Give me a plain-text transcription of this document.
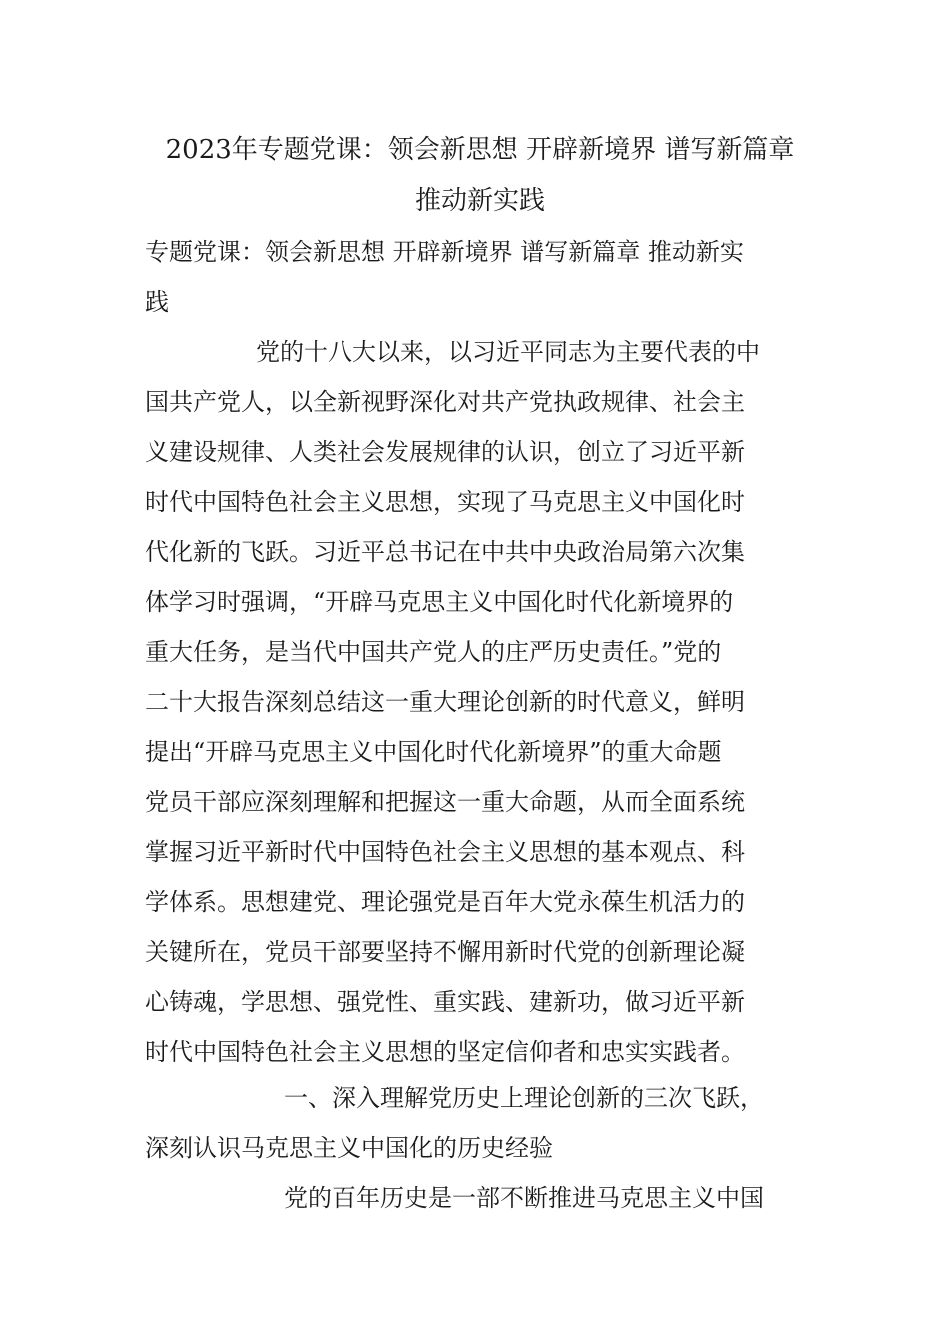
2023年专题党课：领会新思想 开辟新境界 谱写新篇章
推动新实践
专题党课：领会新思想 开辟新境界 谱写新篇章 推动新实
践
党的十八大以来，以习近平同志为主要代表的中
国共产党人，以全新视野深化对共产党执政规律、社会主
义建设规律、人类社会发展规律的认识，创立了习近平新
时代中国特色社会主义思想，实现了马克思主义中国化时
代化新的飞跃。习近平总书记在中共中央政治局第六次集
体学习时强调，“开辟马克思主义中国化时代化新境界的
重大任务，是当代中国共产党人的庄严历史责任。”党的
二十大报告深刻总结这一重大理论创新的时代意义，鲜明
提出“开辟马克思主义中国化时代化新境界”的重大命题
党员干部应深刻理解和把握这一重大命题，从而全面系统
掌握习近平新时代中国特色社会主义思想的基本观点、科
学体系。思想建党、理论强党是百年大党永葆生机活力的
关键所在，党员干部要坚持不懈用新时代党的创新理论凝
心铸魂，学思想、强党性、重实践、建新功，做习近平新
时代中国特色社会主义思想的坚定信仰者和忠实实践者。
一、深入理解党历史上理论创新的三次飞跃，
深刻认识马克思主义中国化的历史经验
党的百年历史是一部不断推进马克思主义中国
